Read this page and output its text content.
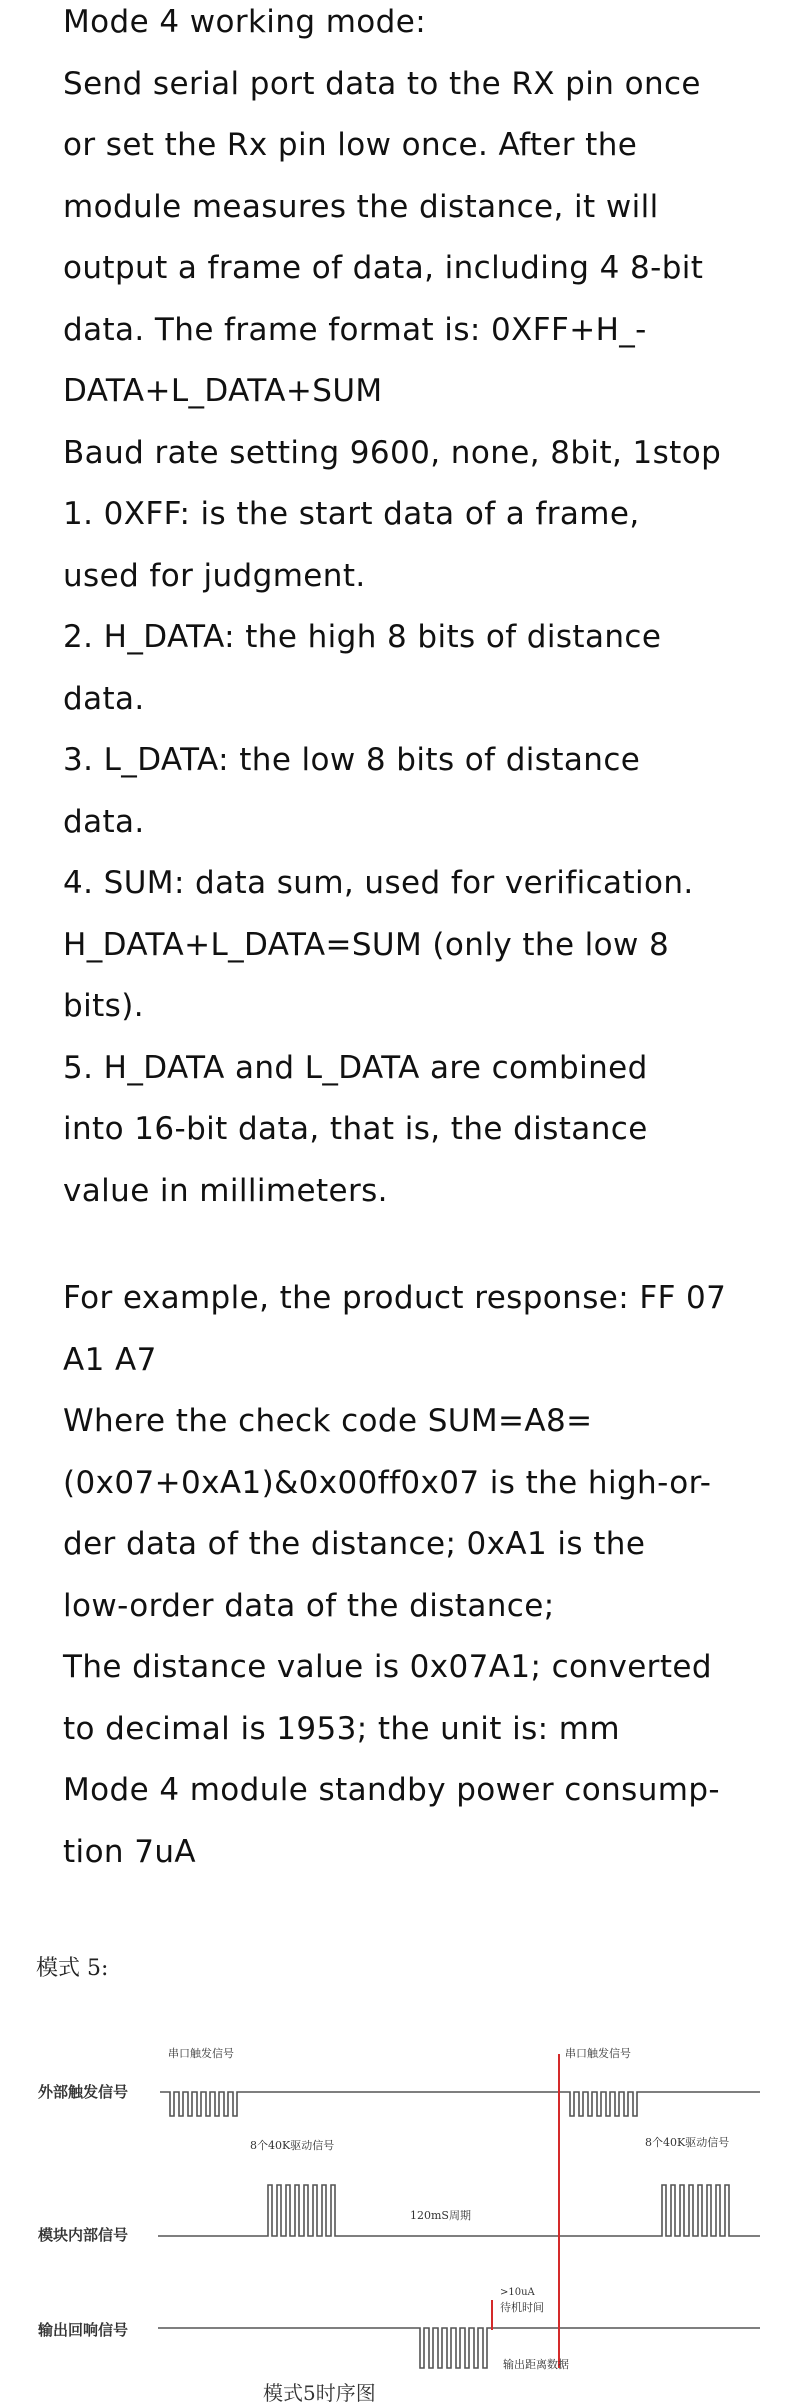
Mode 4 working mode:
Send serial port data to the RX pin once
or set the Rx pin low once. After the
module measures the distance, it will
output a frame of data, including 4 8-bit
data. The frame format is: 0XFF+H_-
DATA+L_DATA+SUM
Baud rate setting 9600, none, 8bit, 1stop
1. 0XFF: is the start data of a frame,
used for judgment.
2. H_DATA: the high 8 bits of distance
data.
3. L_DATA: the low 8 bits of distance
data.
4. SUM: data sum, used for verification.
H_DATA+L_DATA=SUM (only the low 8
bits).
5. H_DATA and L_DATA are combined
into 16-bit data, that is, the distance
value in millimeters.
For example, the product response: FF 07
A1 A7
Where the check code SUM=A8=
(0x07+0xA1)&0x00ff0x07 is the high-or-
der data of the distance; 0xA1 is the
low-order data of the distance;
The distance value is 0x07A1; converted
to decimal is 1953; the unit is: mm
Mode 4 module standby power consump-
tion 7uA
模式 5:
外部触发信号
模块内部信号
输出回响信号
串口触发信号	串口触发信号
8个40K驱动信号	8个40K驱动信号
120mS周期
>10uA
待机时间
输出距离数据
模式5时序图
